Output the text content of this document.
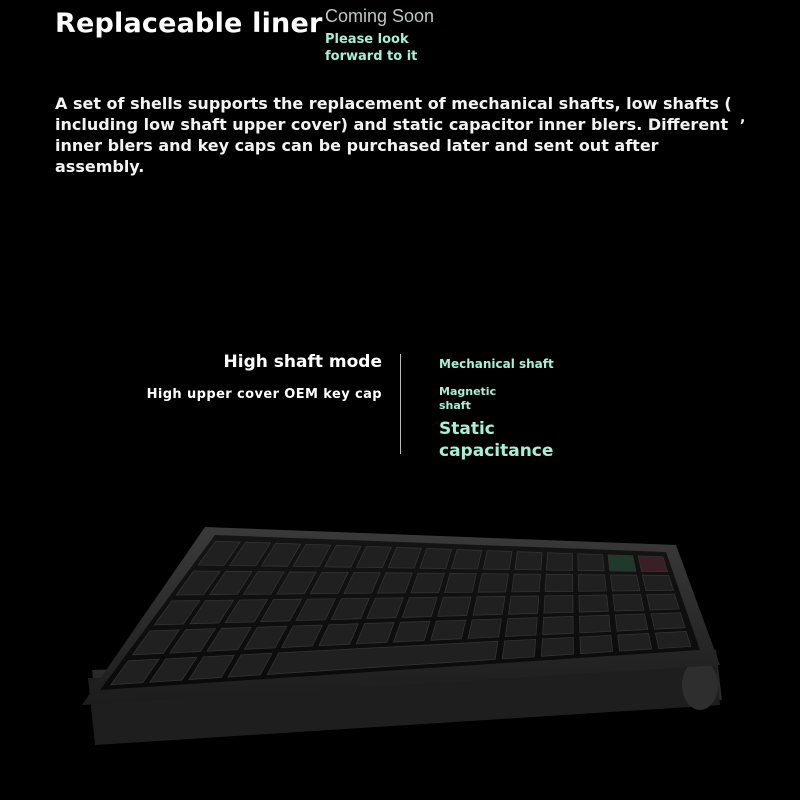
Replaceable liner Coming Soon
Please look forward to it
A set of shells supports the replacement of mechanical shafts, low shafts ( including low shaft upper cover) and static capacitor inner blers. Different inner blers and key caps can be purchased later and sent out after assembly.
,
High shaft mode
High upper cover OEM key cap
Mechanical shaft
Magnetic shaft
Static capacitance
